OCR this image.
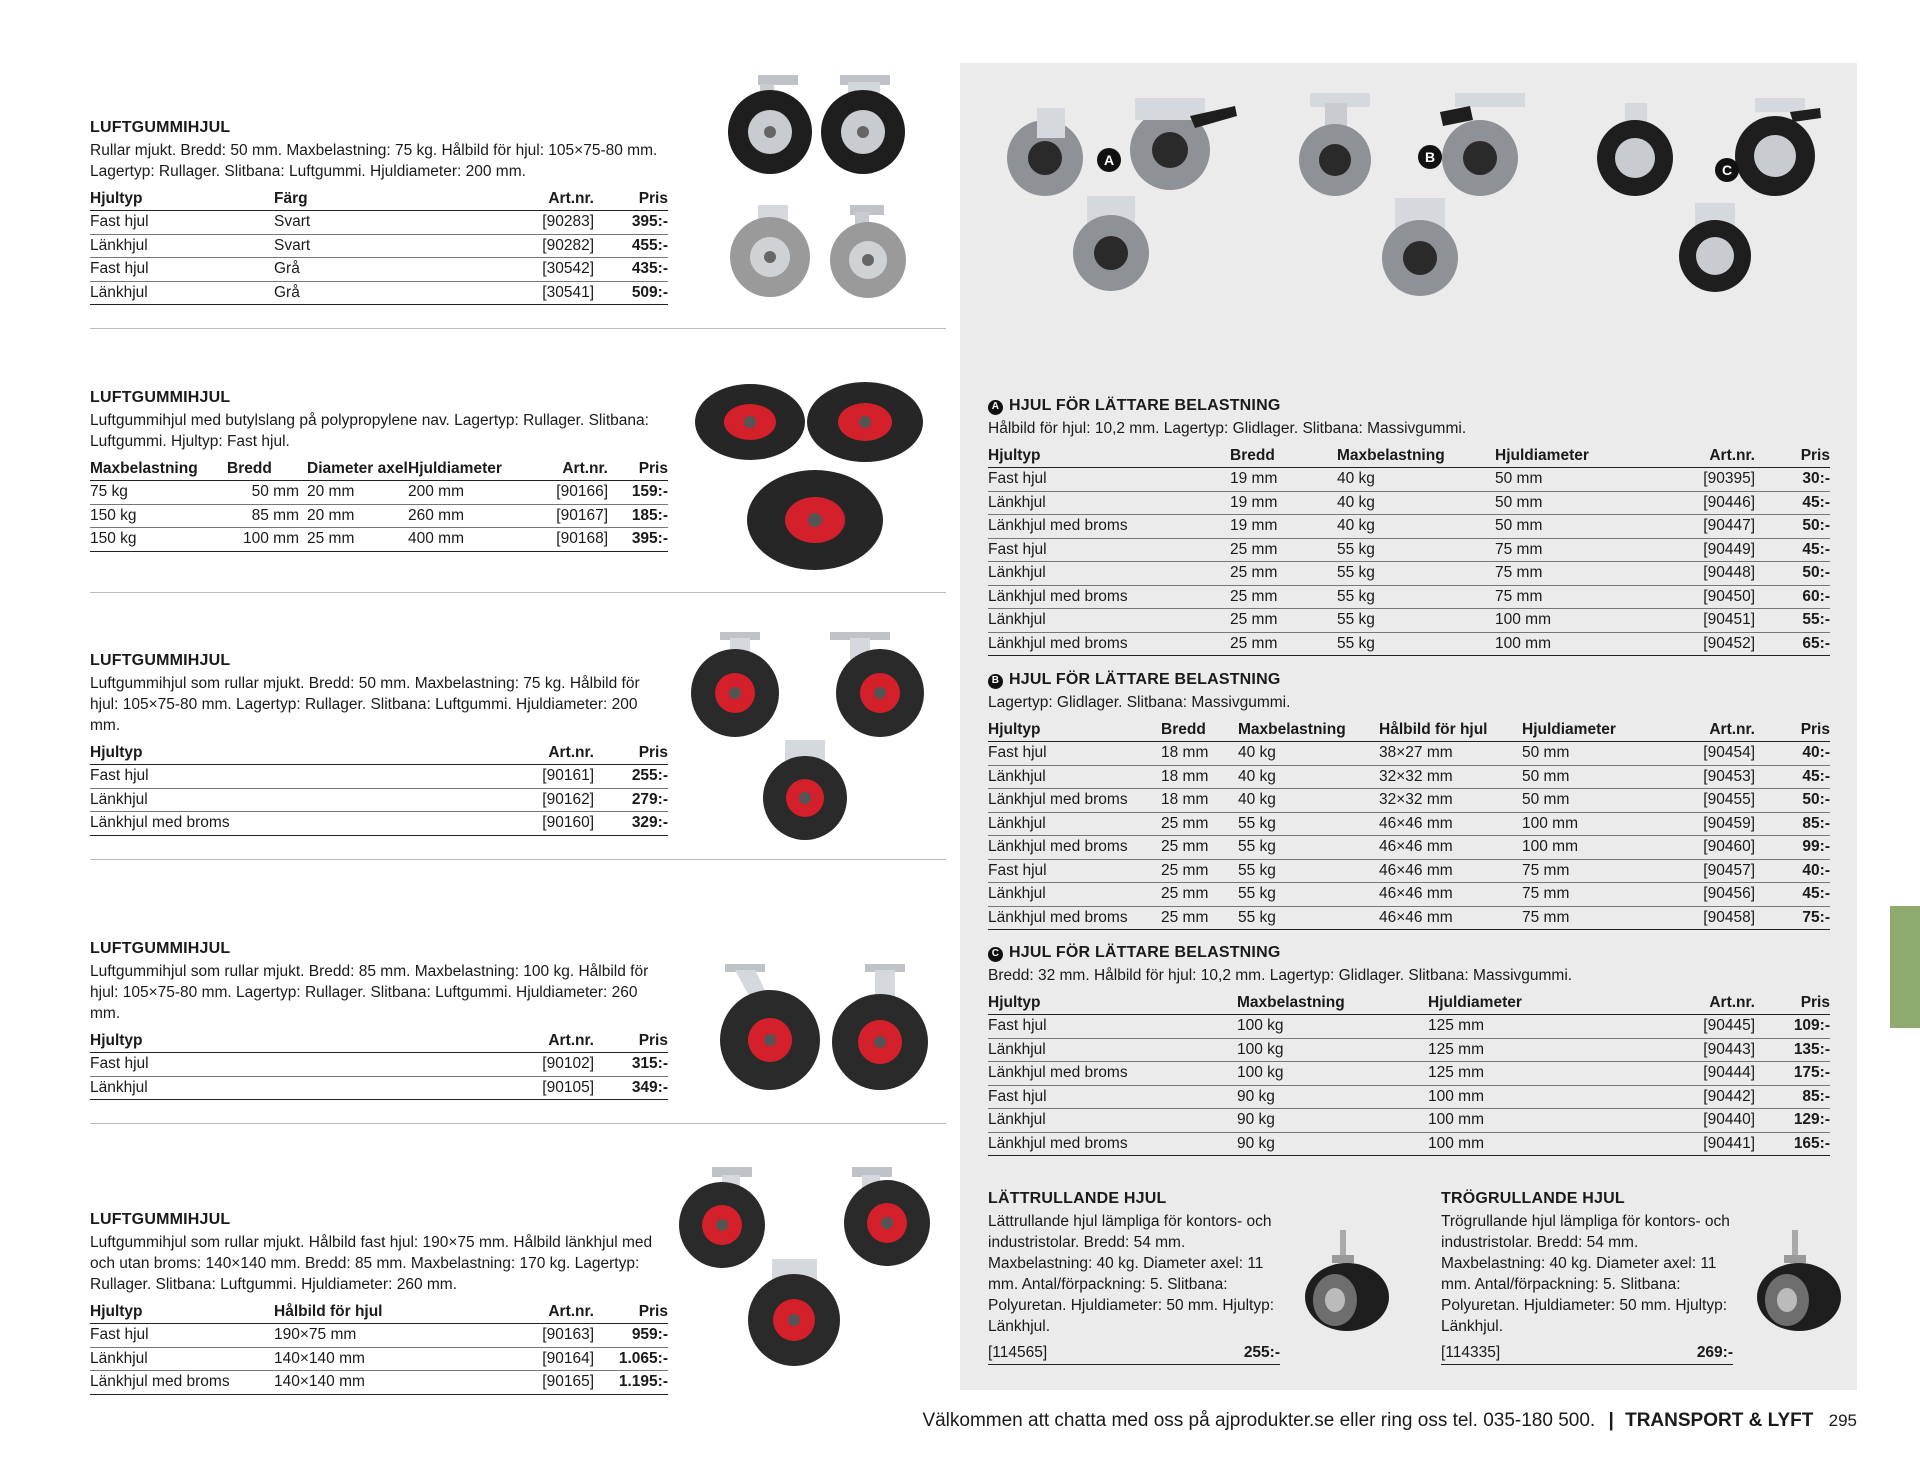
LUFTGUMMIHJUL
Rullar mjukt. Bredd: 50 mm. Maxbelastning: 75 kg. Hålbild för hjul: 105×75-80 mm. Lagertyp: Rullager. Slitbana: Luftgummi. Hjuldiameter: 200 mm.
Hjultyp	Färg	Art.nr.	Pris
Fast hjul	Svart	[90283]	395:-
Länkhjul	Svart	[90282]	455:-
Fast hjul	Grå	[30542]	435:-
Länkhjul	Grå	[30541]	509:-
LUFTGUMMIHJUL
Luftgummihjul med butylslang på polypropylene nav. Lagertyp: Rullager. Slitbana: Luftgummi. Hjultyp: Fast hjul.
Maxbelastning	Bredd	Diameter axel	Hjuldiameter	Art.nr.	Pris
75 kg	50 mm	20 mm	200 mm	[90166]	159:-
150 kg	85 mm	20 mm	260 mm	[90167]	185:-
150 kg	100 mm	25 mm	400 mm	[90168]	395:-
LUFTGUMMIHJUL
Luftgummihjul som rullar mjukt. Bredd: 50 mm. Maxbelastning: 75 kg. Hålbild för hjul: 105×75-80 mm. Lagertyp: Rullager. Slitbana: Luftgummi. Hjuldiameter: 200 mm.
Hjultyp	Art.nr.	Pris
Fast hjul	[90161]	255:-
Länkhjul	[90162]	279:-
Länkhjul med broms	[90160]	329:-
LUFTGUMMIHJUL
Luftgummihjul som rullar mjukt. Bredd: 85 mm. Maxbelastning: 100 kg. Hålbild för hjul: 105×75-80 mm. Lagertyp: Rullager. Slitbana: Luftgummi. Hjuldiameter: 260 mm.
Hjultyp	Art.nr.	Pris
Fast hjul	[90102]	315:-
Länkhjul	[90105]	349:-
LUFTGUMMIHJUL
Luftgummihjul som rullar mjukt. Hålbild fast hjul: 190×75 mm. Hålbild länkhjul med och utan broms: 140×140 mm. Bredd: 85 mm. Maxbelastning: 170 kg. Lagertyp: Rullager. Slitbana: Luftgummi. Hjuldiameter: 260 mm.
Hjultyp	Hålbild för hjul	Art.nr.	Pris
Fast hjul	190×75 mm	[90163]	959:-
Länkhjul	140×140 mm	[90164]	1.065:-
Länkhjul med broms	140×140 mm	[90165]	1.195:-
A	B
C
A HJUL FÖR LÄTTARE BELASTNING
Hålbild för hjul: 10,2 mm. Lagertyp: Glidlager. Slitbana: Massivgummi.
Hjultyp	Bredd	Maxbelastning	Hjuldiameter	Art.nr.	Pris
Fast hjul	19 mm	40 kg	50 mm	[90395]	30:-
Länkhjul	19 mm	40 kg	50 mm	[90446]	45:-
Länkhjul med broms	19 mm	40 kg	50 mm	[90447]	50:-
Fast hjul	25 mm	55 kg	75 mm	[90449]	45:-
Länkhjul	25 mm	55 kg	75 mm	[90448]	50:-
Länkhjul med broms	25 mm	55 kg	75 mm	[90450]	60:-
Länkhjul	25 mm	55 kg	100 mm	[90451]	55:-
Länkhjul med broms	25 mm	55 kg	100 mm	[90452]	65:-
B HJUL FÖR LÄTTARE BELASTNING
Lagertyp: Glidlager. Slitbana: Massivgummi.
Hjultyp	Bredd	Maxbelastning	Hålbild för hjul	Hjuldiameter	Art.nr.	Pris
Fast hjul	18 mm	40 kg	38×27 mm	50 mm	[90454]	40:-
Länkhjul	18 mm	40 kg	32×32 mm	50 mm	[90453]	45:-
Länkhjul med broms	18 mm	40 kg	32×32 mm	50 mm	[90455]	50:-
Länkhjul	25 mm	55 kg	46×46 mm	100 mm	[90459]	85:-
Länkhjul med broms	25 mm	55 kg	46×46 mm	100 mm	[90460]	99:-
Fast hjul	25 mm	55 kg	46×46 mm	75 mm	[90457]	40:-
Länkhjul	25 mm	55 kg	46×46 mm	75 mm	[90456]	45:-
Länkhjul med broms	25 mm	55 kg	46×46 mm	75 mm	[90458]	75:-
C HJUL FÖR LÄTTARE BELASTNING
Bredd: 32 mm. Hålbild för hjul: 10,2 mm. Lagertyp: Glidlager. Slitbana: Massivgummi.
Hjultyp	Maxbelastning	Hjuldiameter	Art.nr.	Pris
Fast hjul	100 kg	125 mm	[90445]	109:-
Länkhjul	100 kg	125 mm	[90443]	135:-
Länkhjul med broms	100 kg	125 mm	[90444]	175:-
Fast hjul	90 kg	100 mm	[90442]	85:-
Länkhjul	90 kg	100 mm	[90440]	129:-
Länkhjul med broms	90 kg	100 mm	[90441]	165:-
LÄTTRULLANDE HJUL
Lättrullande hjul lämpliga för kontors- och industristolar. Bredd: 54 mm. Maxbelastning: 40 kg. Diameter axel: 11 mm. Antal/förpackning: 5. Slitbana: Polyuretan. Hjuldiameter: 50 mm. Hjultyp: Länkhjul.
[114565]	255:-
TRÖGRULLANDE HJUL
Trögrullande hjul lämpliga för kontors- och industristolar. Bredd: 54 mm. Maxbelastning: 40 kg. Diameter axel: 11 mm. Antal/förpackning: 5. Slitbana: Polyuretan. Hjuldiameter: 50 mm. Hjultyp: Länkhjul.
[114335]	269:-
Välkommen att chatta med oss på ajprodukter.se eller ring oss tel. 035-180 500. | TRANSPORT & LYFT 295
